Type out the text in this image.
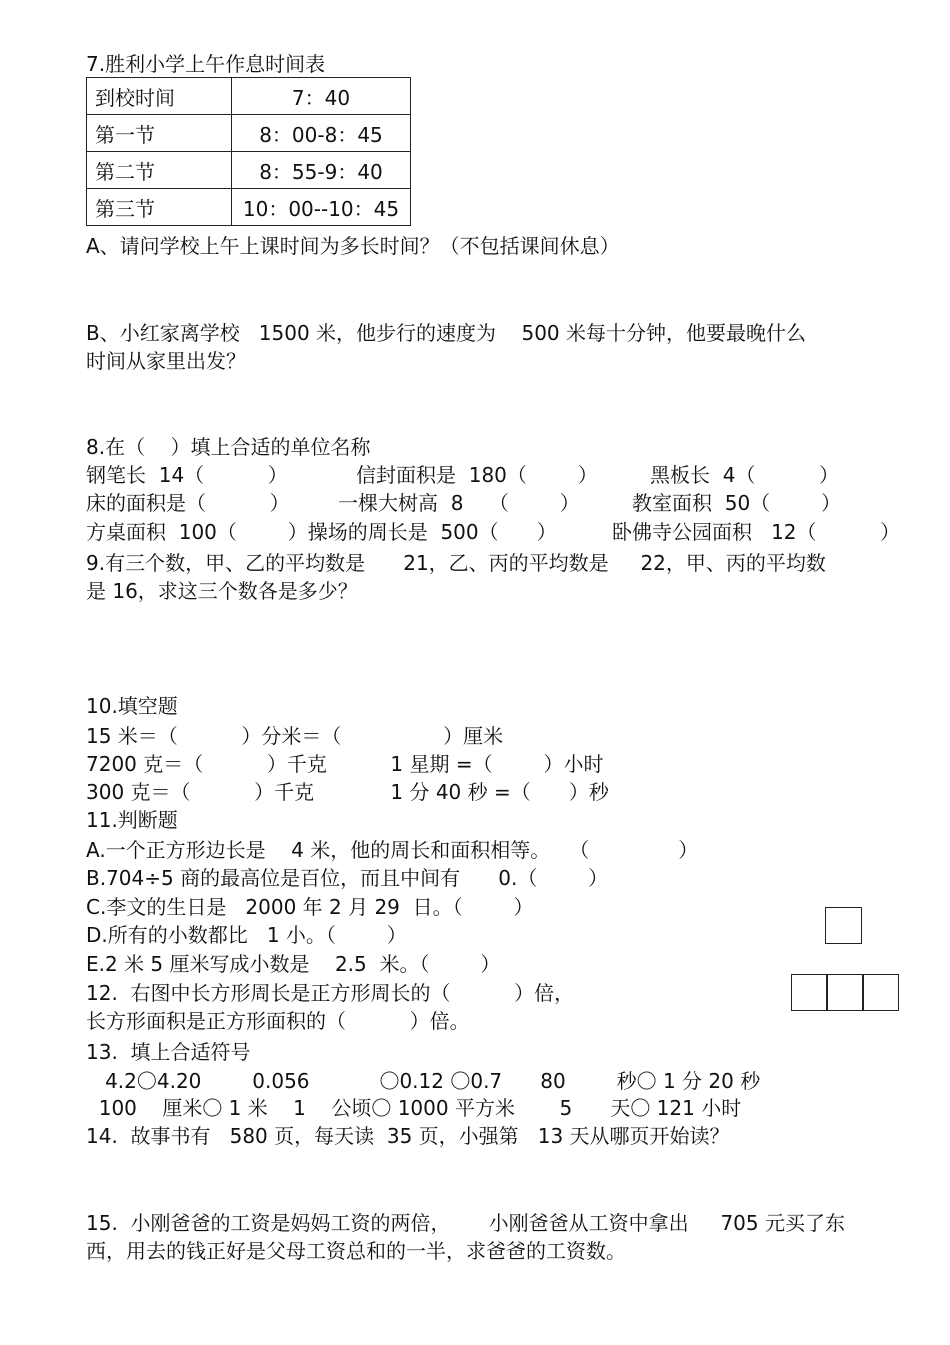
7.胜利小学上午作息时间表
到校时间	7：40
第一节	8：00-8：45
第二节	8：55-9：40
第三节	10：00--10：45
A、请问学校上午上课时间为多长时间？（不包括课间休息）
B、小红家离学校   1500 米，他步行的速度为    500 米每十分钟，他要最晚什么
时间从家里出发？
8.在（    ）填上合适的单位名称
钢笔长  14（          ）	信封面积是  180（        ）	黑板长  4（          ）
床的面积是（          ） 一棵大树高  8    （        ）	教室面积  50（        ）
方桌面积  100（        ）操场的周长是  500（      ）	卧佛寺公园面积   12（          ）
9.有三个数，甲、乙的平均数是      21，乙、丙的平均数是     22，甲、丙的平均数
是 16，求这三个数各是多少？
10.填空题
15 米＝（          ）分米＝（                ）厘米
7200 克＝（          ）千克          1 星期 =（        ）小时
300 克＝（          ）千克            1 分 40 秒 =（      ）秒
11.判断题
A.一个正方形边长是    4 米，他的周长和面积相等。   （              ）
B.704÷5 商的最高位是百位，而且中间有      0.（        ）
C.李文的生日是   2000 年 2 月 29  日。（        ）
D.所有的小数都比   1 小。（        ）
E.2 米 5 厘米写成小数是    2.5  米。（        ）
12.  右图中长方形周长是正方形周长的（          ）倍，
长方形面积是正方形面积的（          ）倍。
13.  填上合适符号
4.2〇4.20        0.056           〇0.12 〇0.7      80        秒〇 1 分 20 秒
100    厘米〇 1 米    1    公顷〇 1000 平方米       5      天〇 121 小时
14.  故事书有   580 页，每天读  35 页，小强第   13 天从哪页开始读？
15.  小刚爸爸的工资是妈妈工资的两倍，      小刚爸爸从工资中拿出     705 元买了东
西，用去的钱正好是父母工资总和的一半，求爸爸的工资数。
